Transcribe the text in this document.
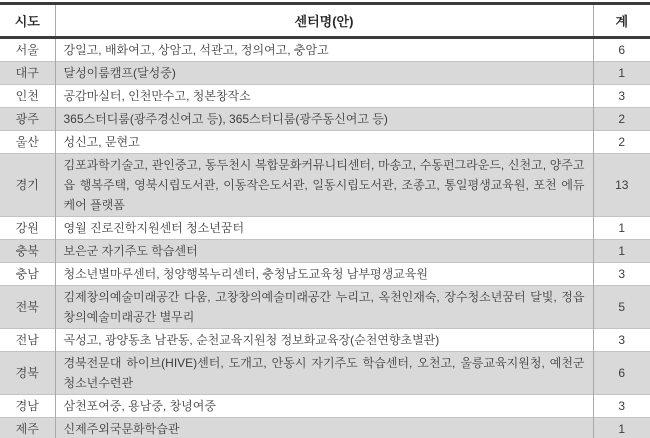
시도	센터명(안)	계
서울	강일고, 배화여고, 상암고, 석관고, 정의여고, 충암고	6
대구	달성이룸캠프(달성중)	1
인천	공감마실터, 인천만수고, 청본창작소	3
광주	365스터디룸(광주경신여고 등), 365스터디룸(광주동신여고 등)	2
울산	성신고, 문현고	2
경기	김포과학기술고, 관인중고, 동두천시 복합문화커뮤니티센터, 마송고, 수동펀그라운드, 신천고, 양주고읍 행복주택, 영북시립도서관, 이동작은도서관, 일동시립도서관, 조종고, 통일평생교육원, 포천 에듀케어 플랫폼	13
강원	영월 진로진학지원센터 청소년꿈터	1
충북	보은군 자기주도 학습센터	1
충남	청소년별마루센터, 청양행복누리센터, 충청남도교육청 남부평생교육원	3
전북	김제창의예술미래공간 다움, 고창창의예술미래공간 누리고, 옥천인재숙, 장수청소년꿈터 달빛, 정읍창의예술미래공간 별무리	5
전남	곡성고, 광양동초 남관동, 순천교육지원청 정보화교육장(순천연향초별관)	3
경북	경북전문대 하이브(HIVE)센터, 도개고, 안동시 자기주도 학습센터, 오천고, 울릉교육지원청, 예천군 청소년수련관	6
경남	삼천포여중, 용남중, 창녕여중	3
제주	신제주외국문화학습관	1
